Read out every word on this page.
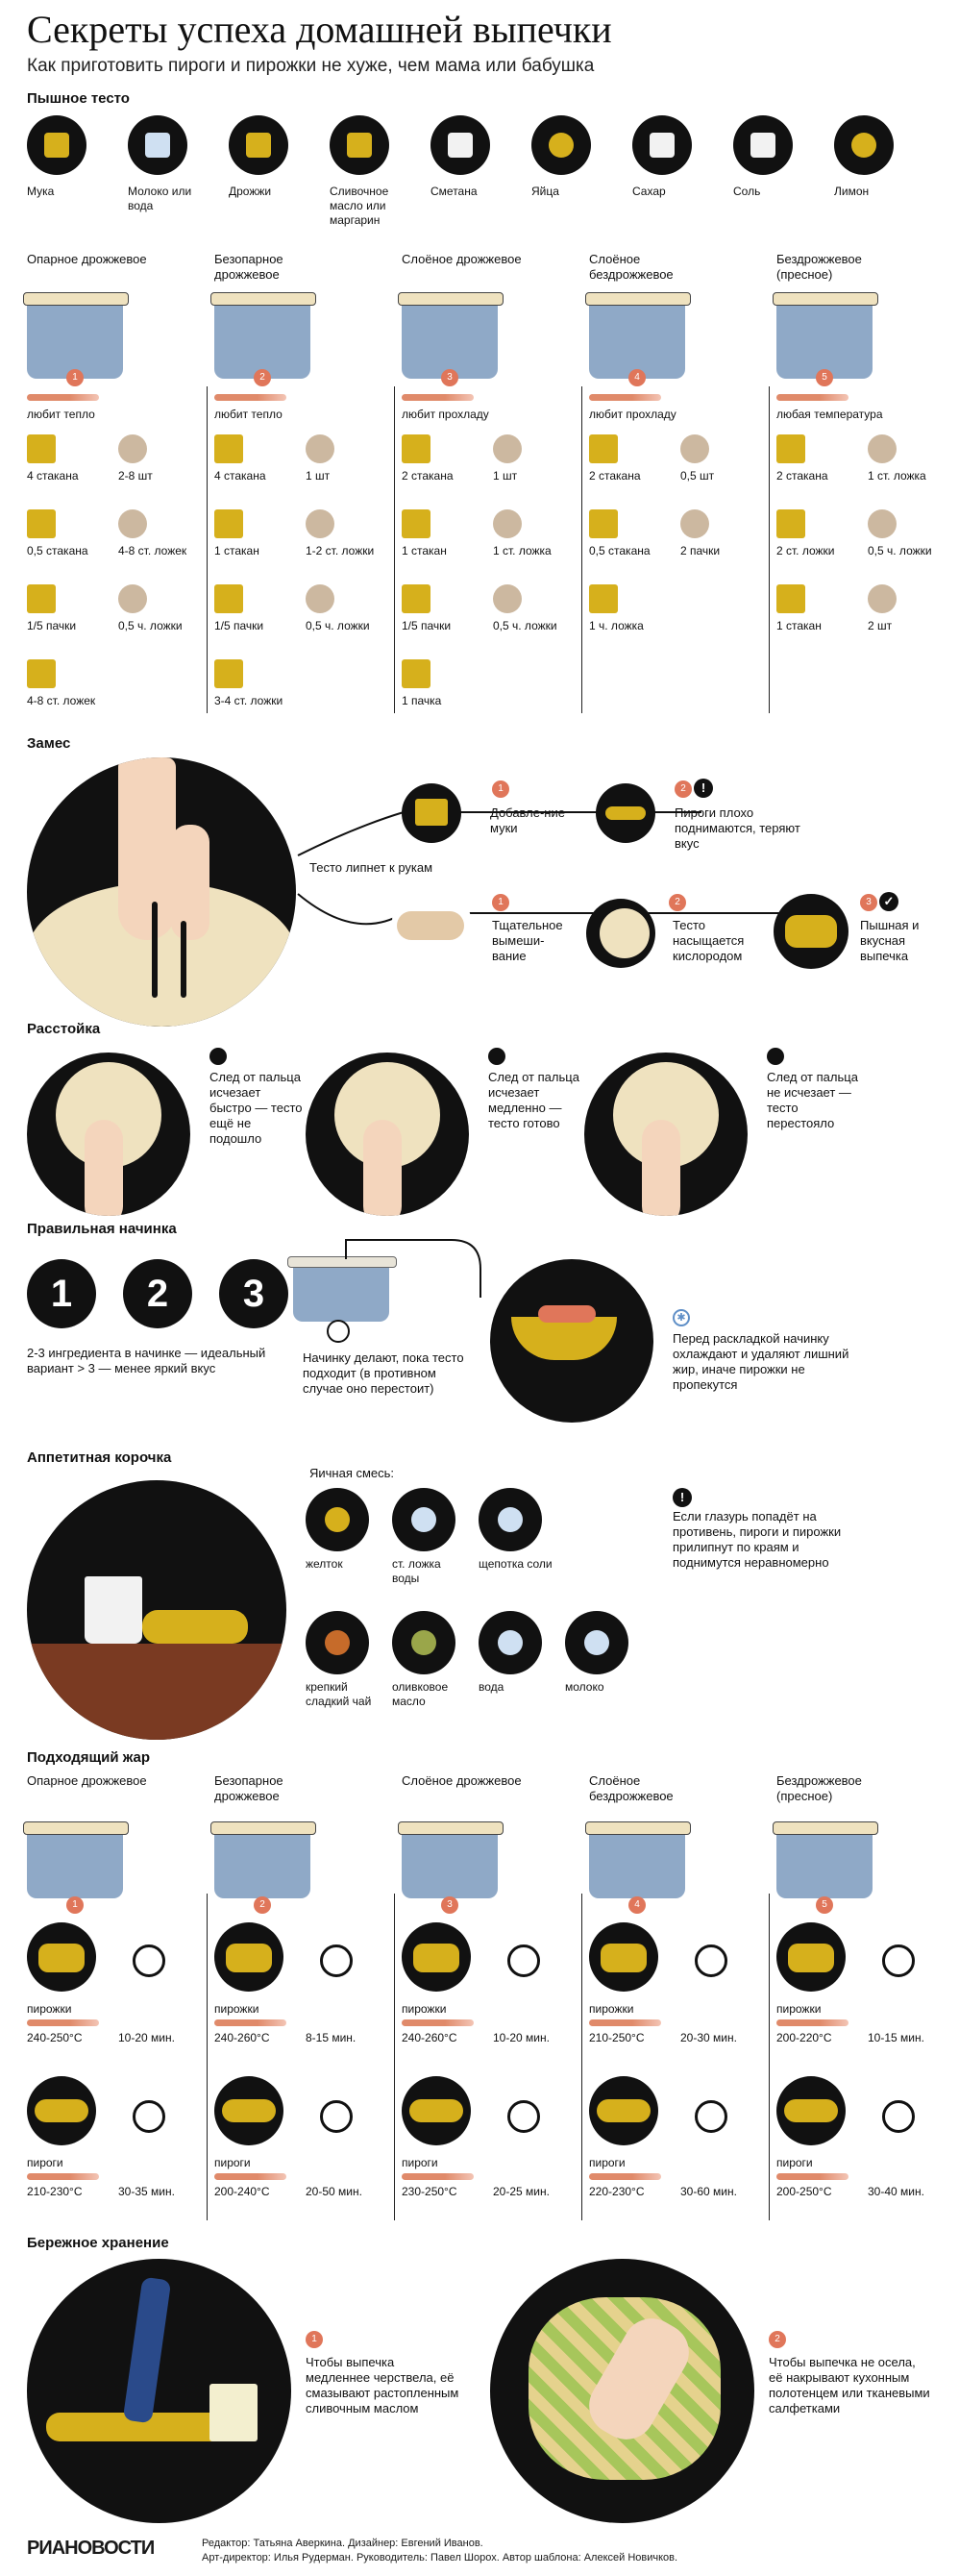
Секреты успеха домашней выпечки
Как приготовить пироги и пирожки не хуже, чем мама или бабушка
Пышное тесто
Мука	Молоко или вода
Дрожжи	Сливочное масло или маргарин
Сметана	Яйца	Сахар	Соль	Лимон
Опарное дрожжевое
1
любит тепло
4 стакана	2-8 шт
0,5 стакана	4-8 ст. ложек
1/5 пачки	0,5 ч. ложки
4-8 ст. ложек
Безопарное дрожжевое
2
любит тепло
4 стакана	1 шт
1 стакан	1-2 ст. ложки
1/5 пачки	0,5 ч. ложки
3-4 ст. ложки
Слоёное дрожжевое
3
любит прохладу
2 стакана	1 шт
1 стакан	1 ст. ложка
1/5 пачки	0,5 ч. ложки
1 пачка
Слоёное бездрожжевое
4
любит прохладу
2 стакана	0,5 шт
0,5 стакана	2 пачки
1 ч. ложка
Бездрожжевое (пресное)
5
любая температура
2 стакана	1 ст. ложка
2 ст. ложки	0,5 ч. ложки
1 стакан	2 шт
Замес
Тесто липнет к рукам
1
Добавле-ние муки
2	!
Пироги плохо поднимаются, теряют вкус
1
Тщательное вымеши-вание
2
Тесто насыщается кислородом
3 ✓
Пышная и вкусная выпечка
Расстойка
След от пальца исчезает быстро — тесто ещё не подошло
След от пальца исчезает медленно — тесто готово
След от пальца не исчезает — тесто перестояло
Правильная начинка
1	2	3
2-3 ингредиента в начинке — идеальный вариант > 3 — менее яркий вкус
Начинку делают, пока тесто подходит (в противном случае оно перестоит)
✱
Перед раскладкой начинку охлаждают и удаляют лишний жир, иначе пирожки не пропекутся
Аппетитная корочка
Яичная смесь:
желток	ст. ложка воды
щепотка соли
крепкий сладкий чай
оливковое масло
вода	молоко
!
Если глазурь попадёт на противень, пироги и пирожки прилипнут по краям и поднимутся неравномерно
Подходящий жар
Опарное дрожжевое
1
пирожки
240-250°С	10-20 мин.
пироги
210-230°С	30-35 мин.
Безопарное дрожжевое
2
пирожки
240-260°С	8-15 мин.
пироги
200-240°С	20-50 мин.
Слоёное дрожжевое
3
пирожки
240-260°С	10-20 мин.
пироги
230-250°С	20-25 мин.
Слоёное бездрожжевое
4
пирожки
210-250°С	20-30 мин.
пироги
220-230°С	30-60 мин.
Бездрожжевое (пресное)
5
пирожки
200-220°С	10-15 мин.
пироги
200-250°С	30-40 мин.
Бережное хранение
1
Чтобы выпечка медленнее черствела, её смазывают растопленным сливочным маслом
2
Чтобы выпечка не осела, её накрывают кухонным полотенцем или тканевыми салфетками
РИАНОВОСТИ	Редактор: Татьяна Аверкина. Дизайнер: Евгений Иванов.
Арт-директор: Илья Рудерман. Руководитель: Павел Шорох. Автор шаблона: Алексей Новичков.
